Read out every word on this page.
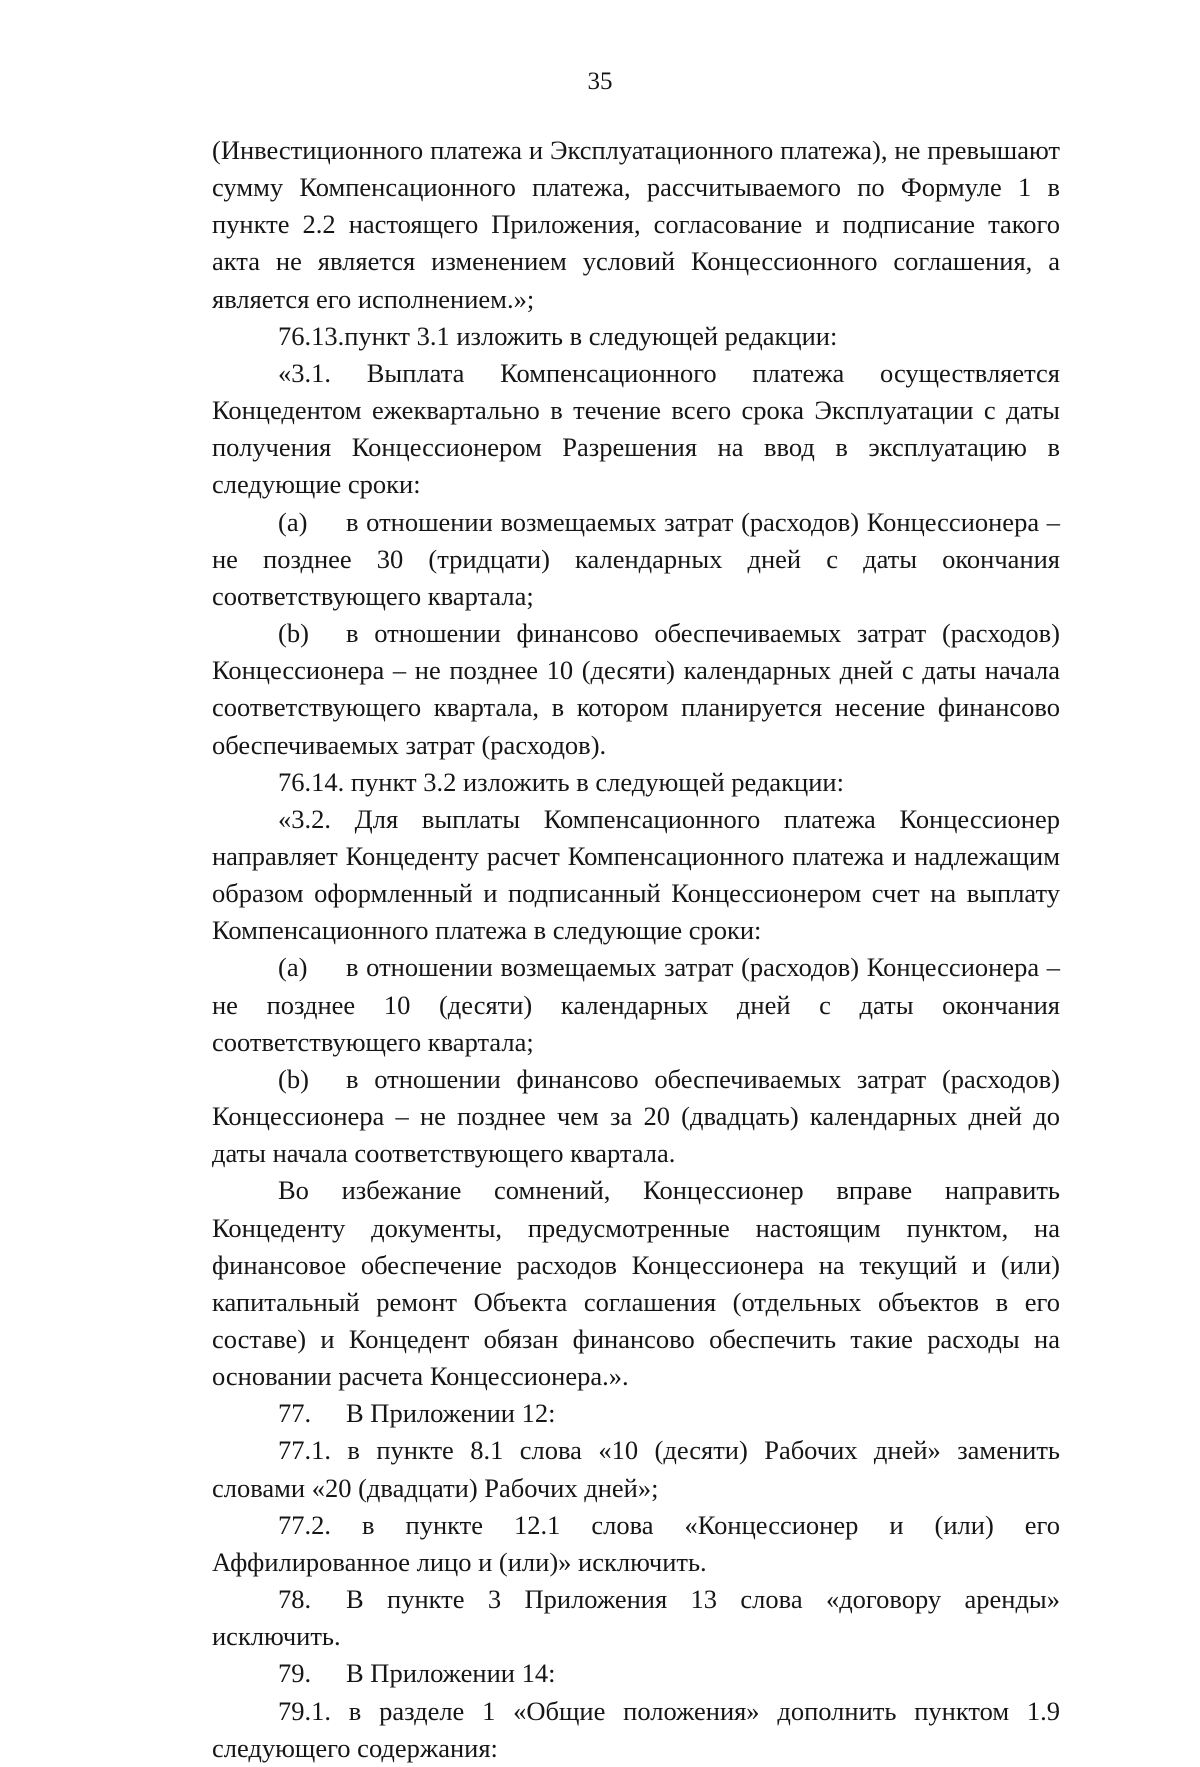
35

(Инвестиционного платежа и Эксплуатационного платежа), не превышают сумму Компенсационного платежа, рассчитываемого по Формуле 1 в пункте 2.2 настоящего Приложения, согласование и подписание такого акта не является изменением условий Концессионного соглашения, а является его исполнением.»;

76.13.пункт 3.1 изложить в следующей редакции:

«3.1. Выплата Компенсационного платежа осуществляется Концедентом ежеквартально в течение всего срока Эксплуатации с даты получения Концессионером Разрешения на ввод в эксплуатацию в следующие сроки:

(а) в отношении возмещаемых затрат (расходов) Концессионера – не позднее 30 (тридцати) календарных дней с даты окончания соответствующего квартала;

(b) в отношении финансово обеспечиваемых затрат (расходов) Концессионера – не позднее 10 (десяти) календарных дней с даты начала соответствующего квартала, в котором планируется несение финансово обеспечиваемых затрат (расходов).

76.14. пункт 3.2 изложить в следующей редакции:

«3.2. Для выплаты Компенсационного платежа Концессионер направляет Концеденту расчет Компенсационного платежа и надлежащим образом оформленный и подписанный Концессионером счет на выплату Компенсационного платежа в следующие сроки:

(а) в отношении возмещаемых затрат (расходов) Концессионера – не позднее 10 (десяти) календарных дней с даты окончания соответствующего квартала;

(b) в отношении финансово обеспечиваемых затрат (расходов) Концессионера – не позднее чем за 20 (двадцать) календарных дней до даты начала соответствующего квартала.

Во избежание сомнений, Концессионер вправе направить Концеденту документы, предусмотренные настоящим пунктом, на финансовое обеспечение расходов Концессионера на текущий и (или) капитальный ремонт Объекта соглашения (отдельных объектов в его составе) и Концедент обязан финансово обеспечить такие расходы на основании расчета Концессионера.».

77. В Приложении 12:

77.1. в пункте 8.1 слова «10 (десяти) Рабочих дней» заменить словами «20 (двадцати) Рабочих дней»;

77.2. в пункте 12.1 слова «Концессионер и (или) его Аффилированное лицо и (или)» исключить.

78. В пункте 3 Приложения 13 слова «договору аренды» исключить.

79. В Приложении 14:

79.1. в разделе 1 «Общие положения» дополнить пунктом 1.9 следующего содержания:
